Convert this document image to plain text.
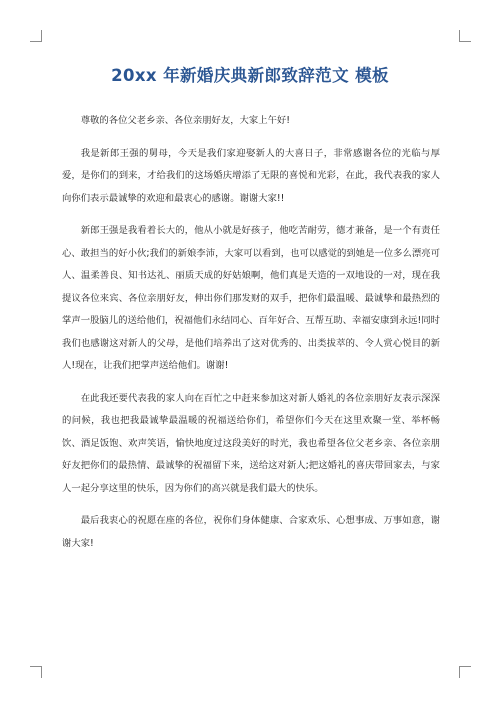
20xx 年新婚庆典新郎致辞范文 模板

尊敬的各位父老乡亲、各位亲朋好友，大家上午好!

我是新郎王强的舅母，今天是我们家迎娶新人的大喜日子，非常感谢各位的光临与厚爱，是你们的到来，才给我们的这场婚庆增添了无限的喜悦和光彩，在此，我代表我的家人向你们表示最诚挚的欢迎和最衷心的感谢。谢谢大家!!

新郎王强是我看着长大的，他从小就是好孩子，他吃苦耐劳，德才兼备，是一个有责任心、敢担当的好小伙;我们的新娘李沛，大家可以看到，也可以感觉的到她是一位多么漂亮可人、温柔善良、知书达礼、丽质天成的好姑娘啊，他们真是天造的一双地设的一对，现在我提议各位来宾、各位亲朋好友，伸出你们那发财的双手，把你们最温暖、最诚挚和最热烈的掌声一股脑儿的送给他们，祝福他们永结同心、百年好合、互帮互助、幸福安康到永远!同时我们也感谢这对新人的父母，是他们培养出了这对优秀的、出类拔萃的、令人赏心悦目的新人!现在，让我们把掌声送给他们。谢谢!

在此我还要代表我的家人向在百忙之中赶来参加这对新人婚礼的各位亲朋好友表示深深的问候，我也把我最诚挚最温暖的祝福送给你们，希望你们今天在这里欢聚一堂、举杯畅饮、酒足饭饱、欢声笑语，愉快地度过这段美好的时光，我也希望各位父老乡亲、各位亲朋好友把你们的最热情、最诚挚的祝福留下来，送给这对新人;把这婚礼的喜庆带回家去，与家人一起分享这里的快乐，因为你们的高兴就是我们最大的快乐。

最后我衷心的祝愿在座的各位，祝你们身体健康、合家欢乐、心想事成、万事如意，谢谢大家!
